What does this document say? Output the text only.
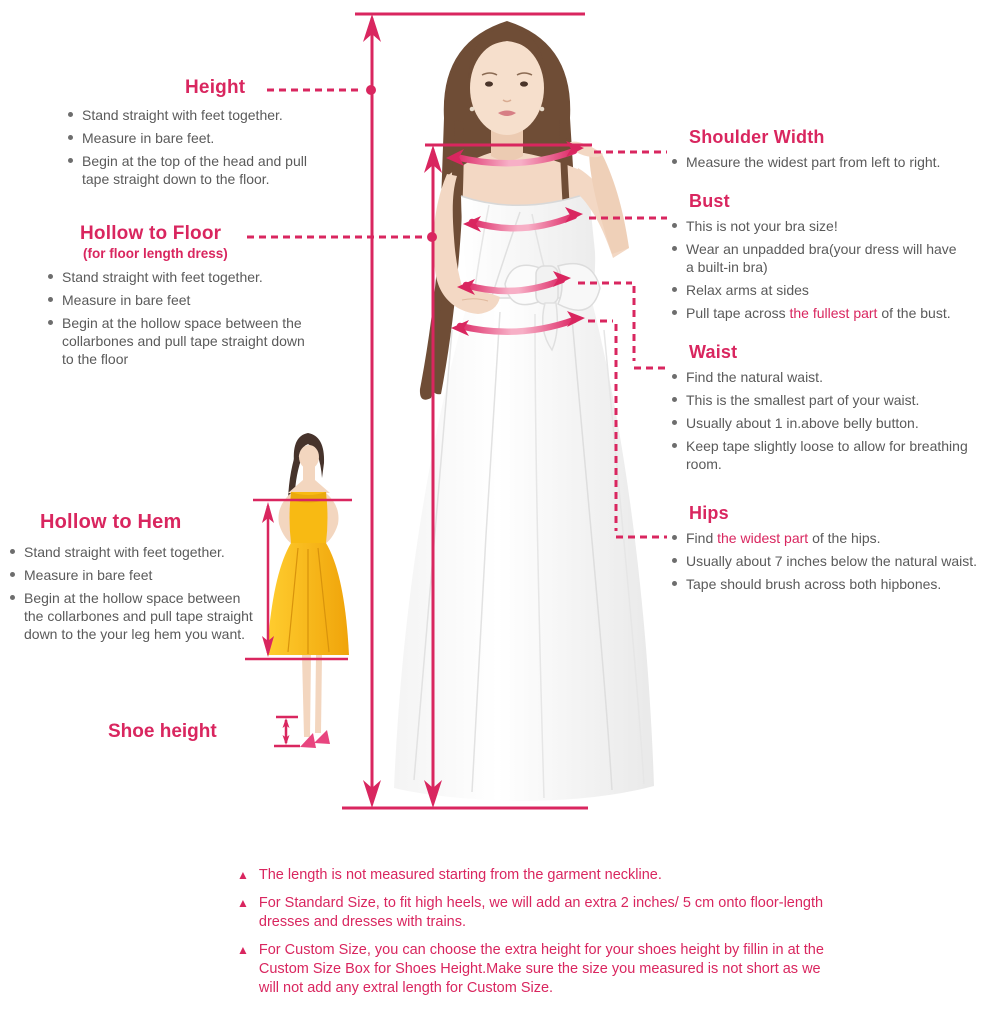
Height
Stand straight with feet together.
Measure in bare feet.
Begin at the top of the head and pull tape straight down to the floor.
Hollow to Floor
(for floor length dress)
Stand straight with feet together.
Measure in bare feet
Begin at the hollow space between the collarbones and pull tape straight down to the floor
Hollow to Hem
Stand straight with feet together.
Measure in bare feet
Begin at the hollow space between the collarbones and pull tape straight down to the your leg hem you want.
Shoe height
Shoulder Width
Measure the widest part from left to right.
Bust
This is not your bra size!
Wear an unpadded bra(your dress will have a built-in bra)
Relax arms at sides
Pull tape across the fullest part of the bust.
Waist
Find the natural waist.
This is the smallest part of your waist.
Usually about 1 in.above belly button.
Keep tape slightly loose to allow for breathing room.
Hips
Find the widest part of the hips.
Usually about 7 inches below the natural waist.
Tape should brush across both hipbones.
▲ The length is not measured starting from the garment neckline.
▲ For Standard Size, to fit high heels, we will add an extra 2 inches/ 5 cm onto floor-length dresses and dresses with trains.
▲ For Custom Size, you can choose the extra height for your shoes height by fillin in at the Custom Size Box for Shoes Height.Make sure the size you measured is not short as we will not add any extral length for Custom Size.
